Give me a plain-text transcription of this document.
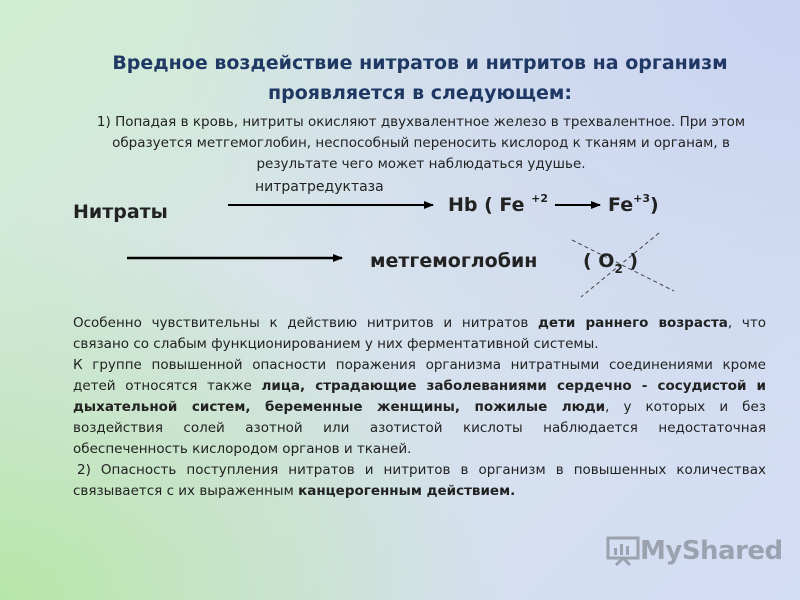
Вредное воздействие нитратов и нитритов на организм
проявляется в следующем:
1) Попадая в кровь, нитриты окисляют двухвалентное железо в трехвалентное. При этом образуется метгемоглобин, неспособный переносить кислород к тканям и органам, в результате чего может наблюдаться удушье.
Нитраты
нитратредуктаза
Hb ( Fe $^{+2}$	$Fe^{+3}$)
метгемоглобин ( $O_2$ )

Особенно чувствительны к действию нитритов и нитратов дети раннего возраста, что связано со слабым функционированием у них ферментативной системы.

К группе повышенной опасности поражения организма нитратными соединениями кроме детей относятся также лица, страдающие заболеваниями сердечно - сосудистой и дыхательной систем, беременные женщины, пожилые люди, у которых и без воздействия солей азотной или азотистой кислоты наблюдается недостаточная обеспеченность кислородом органов и тканей.

2) Опасность поступления нитратов и нитритов в организм в повышенных количествах связывается с их выраженным канцерогенным действием.

MyShared
